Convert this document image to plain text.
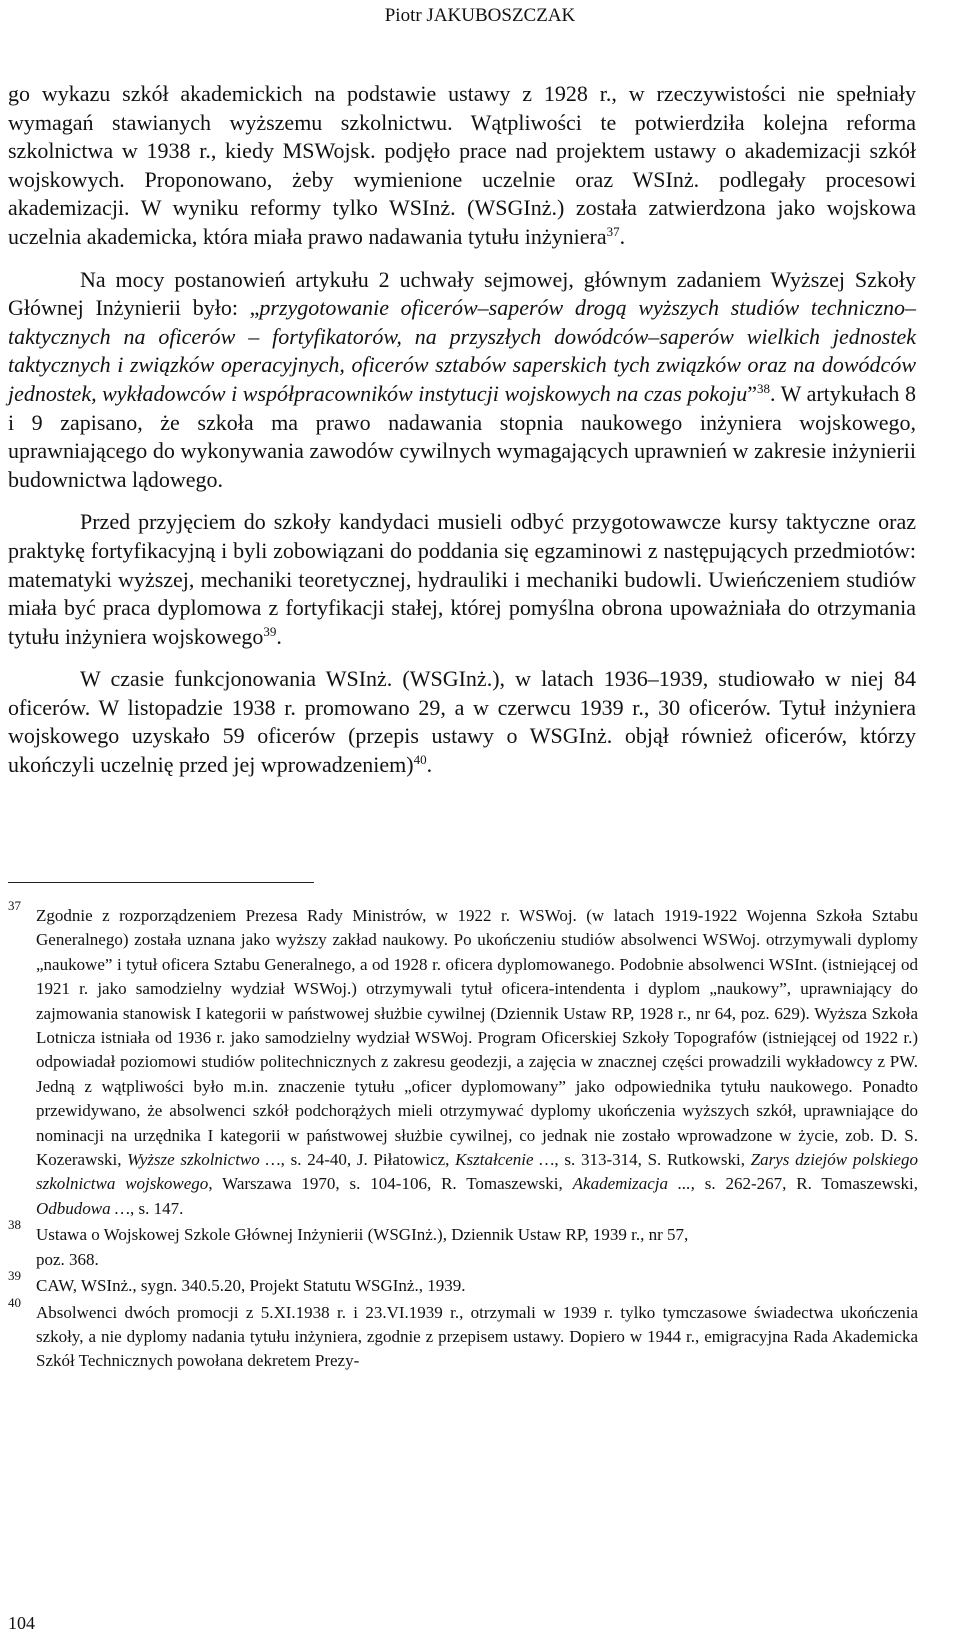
Piotr JAKUBOSZCZAK

go wykazu szkół akademickich na podstawie ustawy z 1928 r., w rzeczywistości nie spełniały wymagań stawianych wyższemu szkolnictwu. Wątpliwości te potwierdziła kolejna reforma szkolnictwa w 1938 r., kiedy MSWojsk. podjęło prace nad projektem ustawy o akademizacji szkół wojskowych. Proponowano, żeby wymienione uczelnie oraz WSInż. podlegały procesowi akademizacji. W wyniku reformy tylko WSInż. (WSGInż.) została zatwierdzona jako wojskowa uczelnia akademicka, która miała prawo nadawania tytułu inżyniera$^{37}$.

Na mocy postanowień artykułu 2 uchwały sejmowej, głównym zadaniem Wyższej Szkoły Głównej Inżynierii było: „przygotowanie oficerów–saperów drogą wyższych studiów techniczno–taktycznych na oficerów – fortyfikatorów, na przyszłych dowódców–saperów wielkich jednostek taktycznych i związków operacyjnych, oficerów sztabów saperskich tych związków oraz na dowódców jednostek, wykładowców i współpracowników instytucji wojskowych na czas pokoju”$^{38}$. W artykułach 8 i 9 zapisano, że szkoła ma prawo nadawania stopnia naukowego inżyniera wojskowego, uprawniającego do wykonywania zawodów cywilnych wymagających uprawnień w zakresie inżynierii budownictwa lądowego.

Przed przyjęciem do szkoły kandydaci musieli odbyć przygotowawcze kursy taktyczne oraz praktykę fortyfikacyjną i byli zobowiązani do poddania się egzaminowi z następujących przedmiotów: matematyki wyższej, mechaniki teoretycznej, hydrauliki i mechaniki budowli. Uwieńczeniem studiów miała być praca dyplomowa z fortyfikacji stałej, której pomyślna obrona upoważniała do otrzymania tytułu inżyniera wojskowego$^{39}$.

W czasie funkcjonowania WSInż. (WSGInż.), w latach 1936–1939, studiowało w niej 84 oficerów. W listopadzie 1938 r. promowano 29, a w czerwcu 1939 r., 30 oficerów. Tytuł inżyniera wojskowego uzyskało 59 oficerów (przepis ustawy o WSGInż. objął również oficerów, którzy ukończyli uczelnię przed jej wprowadzeniem)$^{40}$.

37
Zgodnie z rozporządzeniem Prezesa Rady Ministrów, w 1922 r. WSWoj. (w latach 1919-1922 Wojenna Szkoła Sztabu Generalnego) została uznana jako wyższy zakład naukowy. Po ukończeniu studiów absolwenci WSWoj. otrzymywali dyplomy „naukowe” i tytuł oficera Sztabu Generalnego, a od 1928 r. oficera dyplomowanego. Podobnie absolwenci WSInt. (istniejącej od 1921 r. jako samodzielny wydział WSWoj.) otrzymywali tytuł oficera-intendenta i dyplom „naukowy”, uprawniający do zajmowania stanowisk I kategorii w państwowej służbie cywilnej (Dziennik Ustaw RP, 1928 r., nr 64, poz. 629). Wyższa Szkoła Lotnicza istniała od 1936 r. jako samodzielny wydział WSWoj. Program Oficerskiej Szkoły Topografów (istniejącej od 1922 r.) odpowiadał poziomowi studiów politechnicznych z zakresu geodezji, a zajęcia w znacznej części prowadzili wykładowcy z PW. Jedną z wątpliwości było m.in. znaczenie tytułu „oficer dyplomowany” jako odpowiednika tytułu naukowego. Ponadto przewidywano, że absolwenci szkół podchorążych mieli otrzymywać dyplomy ukończenia wyższych szkół, uprawniające do nominacji na urzędnika I kategorii w państwowej służbie cywilnej, co jednak nie zostało wprowadzone w życie, zob. D. S. Kozerawski, Wyższe szkolnictwo …, s. 24-40, J. Piłatowicz, Kształcenie …, s. 313-314, S. Rutkowski, Zarys dziejów polskiego szkolnictwa wojskowego, Warszawa 1970, s. 104-106, R. Tomaszewski, Akademizacja ..., s. 262-267, R. Tomaszewski, Odbudowa …, s. 147.
38
Ustawa o Wojskowej Szkole Głównej Inżynierii (WSGInż.), Dziennik Ustaw RP, 1939 r., nr 57,
poz. 368.
39
CAW, WSInż., sygn. 340.5.20, Projekt Statutu WSGInż., 1939.
40
Absolwenci dwóch promocji z 5.XI.1938 r. i 23.VI.1939 r., otrzymali w 1939 r. tylko tymczasowe świadectwa ukończenia szkoły, a nie dyplomy nadania tytułu inżyniera, zgodnie z przepisem ustawy. Dopiero w 1944 r., emigracyjna Rada Akademicka Szkół Technicznych powołana dekretem Prezy-
104
